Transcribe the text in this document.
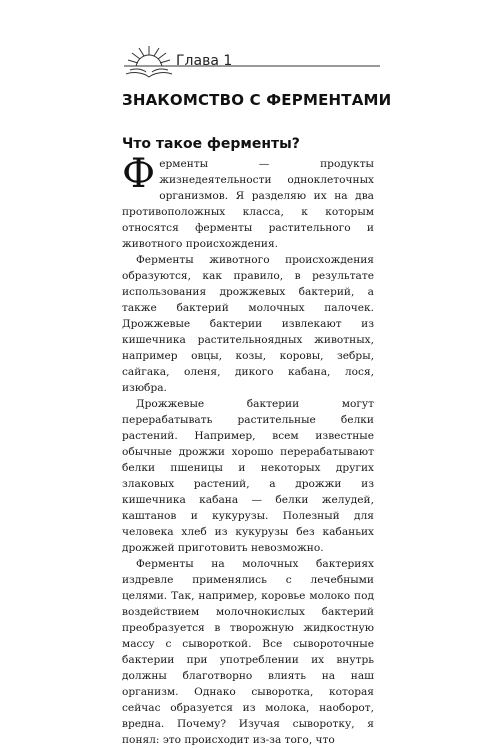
Глава 1
ЗНАКОМСТВО С ФЕРМЕНТАМИ
Что такое ферменты?

Ферменты — продукты жизнедеятельности одноклеточных организмов. Я разделяю их на два противоположных класса, к которым относятся ферменты растительного и животного происхождения.

Ферменты животного происхождения образуются, как правило, в результате использования дрожжевых бактерий, а также бактерий молочных палочек. Дрожжевые бактерии извлекают из кишечника растительноядных животных, например овцы, козы, коровы, зебры, сайгака, оленя, дикого кабана, лося, изюбра.

Дрожжевые бактерии могут перерабатывать растительные белки растений. Например, всем известные обычные дрожжи хорошо перерабатывают белки пшеницы и некоторых других злаковых растений, а дрожжи из кишечника кабана — белки желудей, каштанов и кукурузы. Полезный для человека хлеб из кукурузы без кабаньих дрожжей приготовить невозможно.

Ферменты на молочных бактериях издревле применялись с лечебными целями. Так, например, коровье молоко под воздействием молочнокислых бактерий преобразуется в творожную жидкостную массу с сывороткой. Все сывороточные бактерии при употреблении их внутрь должны благотворно влиять на наш организм. Однако сыворотка, которая сейчас образуется из молока, наоборот, вредна. Почему? Изучая сыворотку, я понял: это происходит из-за того, что
